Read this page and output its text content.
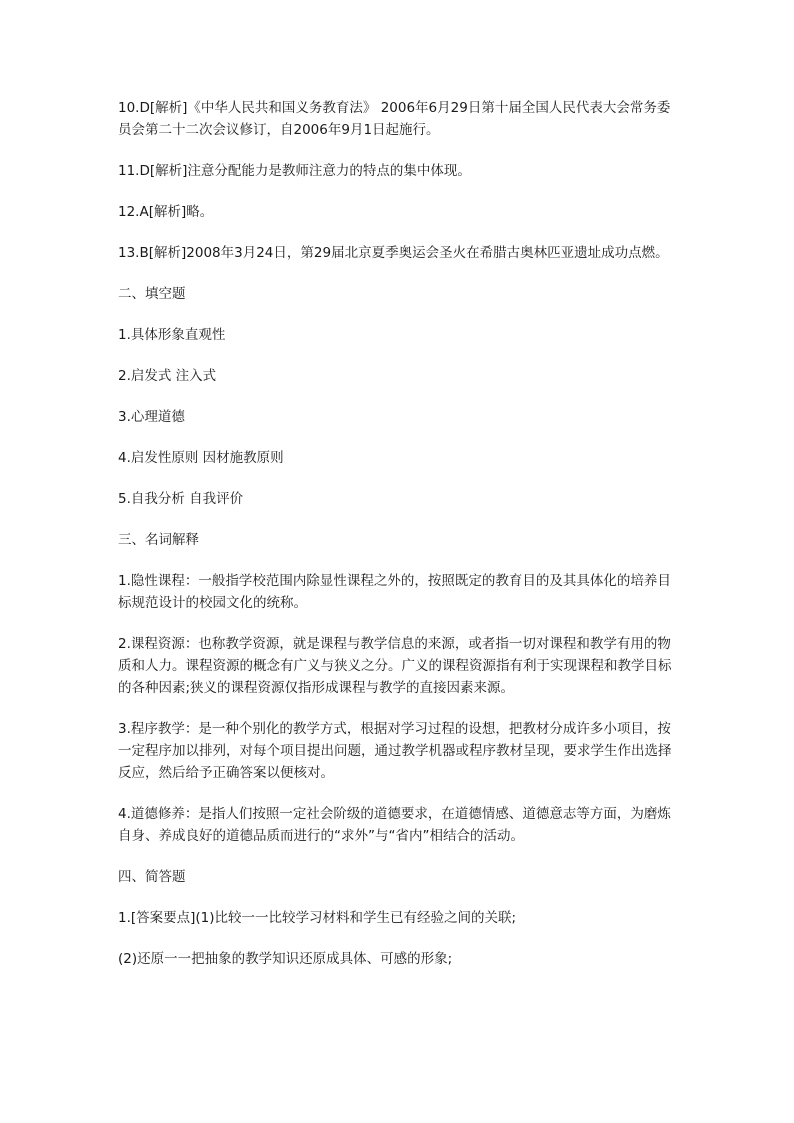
10.D[解析]《中华人民共和国义务教育法》 2006年6月29日第十届全国人民代表大会常务委员会第二十二次会议修订，自2006年9月1日起施行。

11.D[解析]注意分配能力是教师注意力的特点的集中体现。

12.A[解析]略。

13.B[解析]2008年3月24日，第29届北京夏季奥运会圣火在希腊古奥林匹亚遗址成功点燃。

二、填空题

1.具体形象直观性

2.启发式 注入式

3.心理道德

4.启发性原则 因材施教原则

5.自我分析 自我评价

三、名词解释

1.隐性课程：一般指学校范围内除显性课程之外的，按照既定的教育目的及其具体化的培养目标规范设计的校园文化的统称。

2.课程资源：也称教学资源，就是课程与教学信息的来源，或者指一切对课程和教学有用的物质和人力。课程资源的概念有广义与狭义之分。广义的课程资源指有利于实现课程和教学目标的各种因素;狭义的课程资源仅指形成课程与教学的直接因素来源。

3.程序教学：是一种个别化的教学方式，根据对学习过程的设想，把教材分成许多小项目，按一定程序加以排列，对每个项目提出问题，通过教学机器或程序教材呈现，要求学生作出选择反应，然后给予正确答案以便核对。

4.道德修养：是指人们按照一定社会阶级的道德要求，在道德情感、道德意志等方面，为磨炼自身、养成良好的道德品质而进行的“求外”与“省内”相结合的活动。

四、简答题

1.[答案要点](1)比较一一比较学习材料和学生已有经验之间的关联;

(2)还原一一把抽象的教学知识还原成具体、可感的形象;
